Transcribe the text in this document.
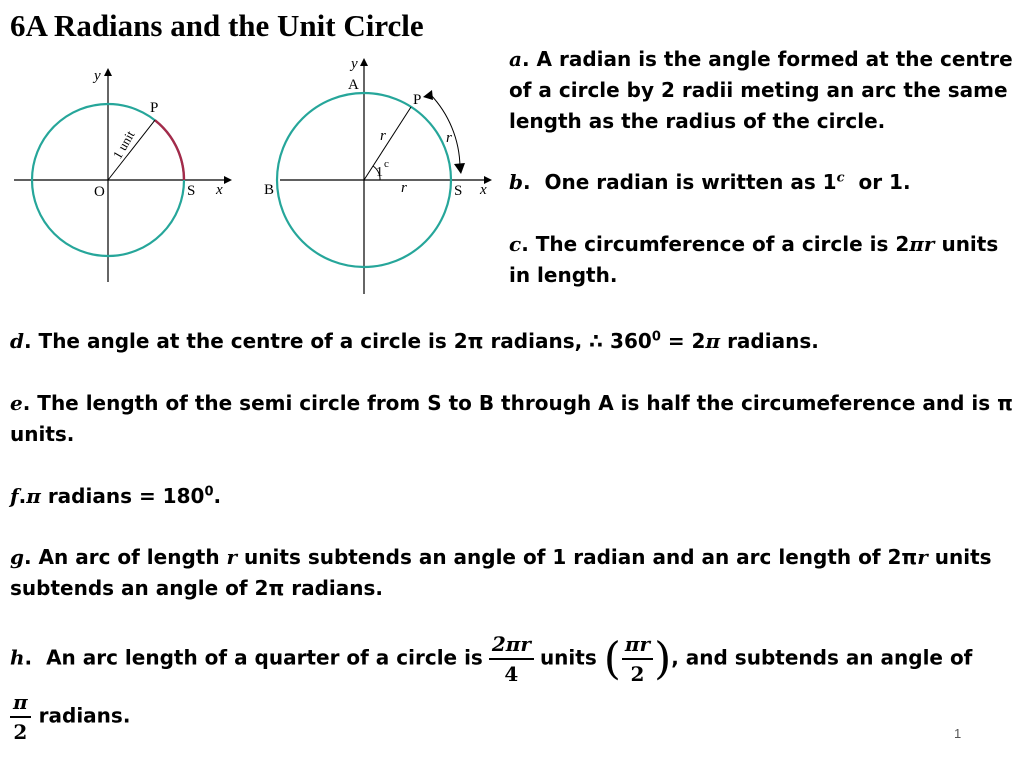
6A Radians and the Unit Circle
y
x
O
P
S
1 unit
y
x
A
B
P
S
r	r
r
1
c

a. A radian is the angle formed at the centre of a circle by 2 radii meting an arc the same length as the radius of the circle.

b.  One radian is written as 1$^c$ or 1.

c. The circumference of a circle is 2πr units in length.

d. The angle at the centre of a circle is 2π radians, ∴ $360^0 = 2\pi$ radians.

e. The length of the semi circle from S to B through A is half the circumeference and is π units.

f.π radians = $180^0$.

g. An arc of length r units subtends an angle of 1 radian and an arc length of 2πr units subtends an angle of 2π radians.

h.  An arc length of a quarter of a circle is $\frac{2\pi r}{4}$ units ( $\frac{\pi r}{2}$ ), and subtends an angle of

$\frac{\pi}{2}$ radians.

1
